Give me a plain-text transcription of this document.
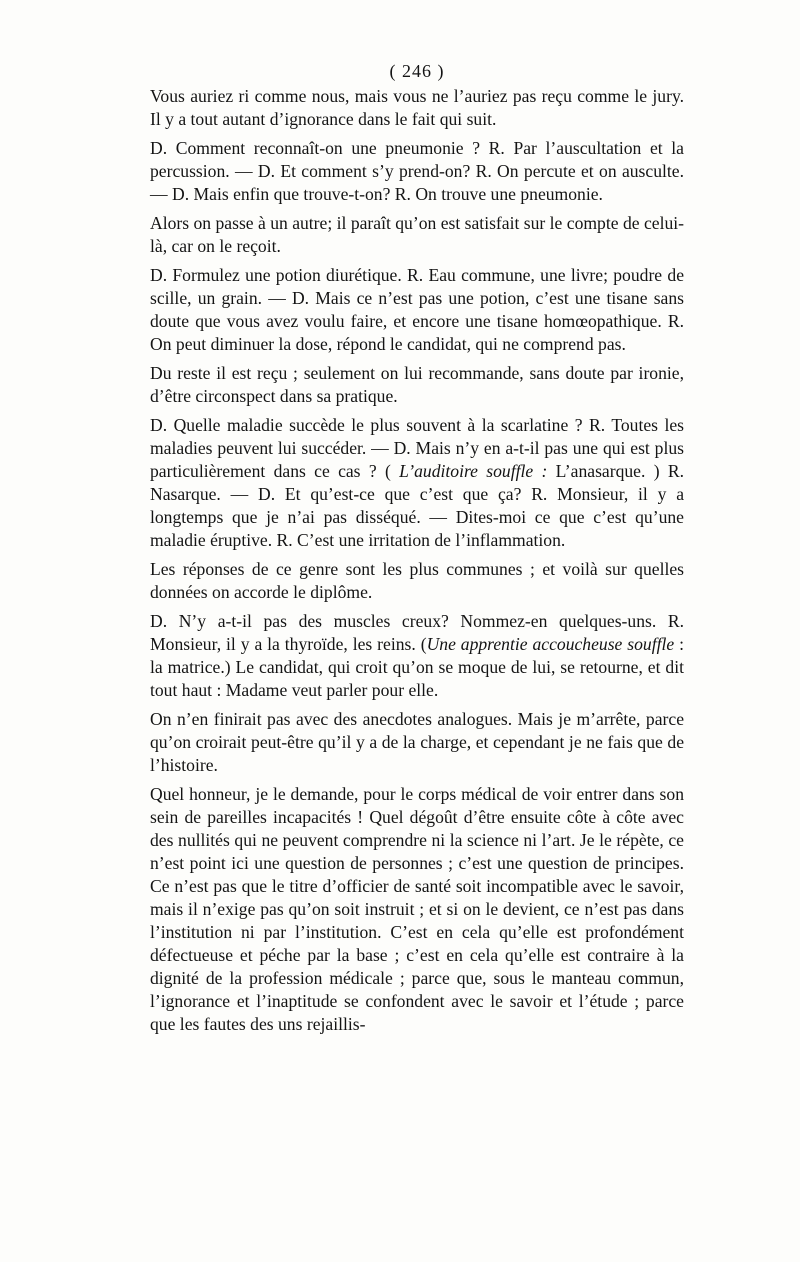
( 246 )

Vous auriez ri comme nous, mais vous ne l’auriez pas reçu comme le jury. Il y a tout autant d’ignorance dans le fait qui suit.

D. Comment reconnaît-on une pneumonie ? R. Par l’auscultation et la percussion. — D. Et comment s’y prend-on? R. On percute et on ausculte. — D. Mais enfin que trouve-t-on? R. On trouve une pneumonie.

Alors on passe à un autre; il paraît qu’on est satisfait sur le compte de celui-là, car on le reçoit.

D. Formulez une potion diurétique. R. Eau commune, une livre; poudre de scille, un grain. — D. Mais ce n’est pas une potion, c’est une tisane sans doute que vous avez voulu faire, et encore une tisane homœopathique. R. On peut diminuer la dose, répond le candidat, qui ne comprend pas.

Du reste il est reçu ; seulement on lui recommande, sans doute par ironie, d’être circonspect dans sa pratique.

D. Quelle maladie succède le plus souvent à la scarlatine ? R. Toutes les maladies peuvent lui succéder. — D. Mais n’y en a-t-il pas une qui est plus particulièrement dans ce cas ? ( L’auditoire souffle : L’anasarque. ) R. Nasarque. — D. Et qu’est-ce que c’est que ça? R. Monsieur, il y a longtemps que je n’ai pas disséqué. — Dites-moi ce que c’est qu’une maladie éruptive. R. C’est une irritation de l’inflammation.

Les réponses de ce genre sont les plus communes ; et voilà sur quelles données on accorde le diplôme.

D. N’y a-t-il pas des muscles creux? Nommez-en quelques-uns. R. Monsieur, il y a la thyroïde, les reins. (Une apprentie accoucheuse souffle : la matrice.) Le candidat, qui croit qu’on se moque de lui, se retourne, et dit tout haut : Madame veut parler pour elle.

On n’en finirait pas avec des anecdotes analogues. Mais je m’arrête, parce qu’on croirait peut-être qu’il y a de la charge, et cependant je ne fais que de l’histoire.

Quel honneur, je le demande, pour le corps médical de voir entrer dans son sein de pareilles incapacités ! Quel dégoût d’être ensuite côte à côte avec des nullités qui ne peuvent comprendre ni la science ni l’art. Je le répète, ce n’est point ici une question de personnes ; c’est une question de principes. Ce n’est pas que le titre d’officier de santé soit incompatible avec le savoir, mais il n’exige pas qu’on soit instruit ; et si on le devient, ce n’est pas dans l’institution ni par l’institution. C’est en cela qu’elle est profondément défectueuse et péche par la base ; c’est en cela qu’elle est contraire à la dignité de la profession médicale ; parce que, sous le manteau commun, l’ignorance et l’inaptitude se confondent avec le savoir et l’étude ; parce que les fautes des uns rejaillis-
